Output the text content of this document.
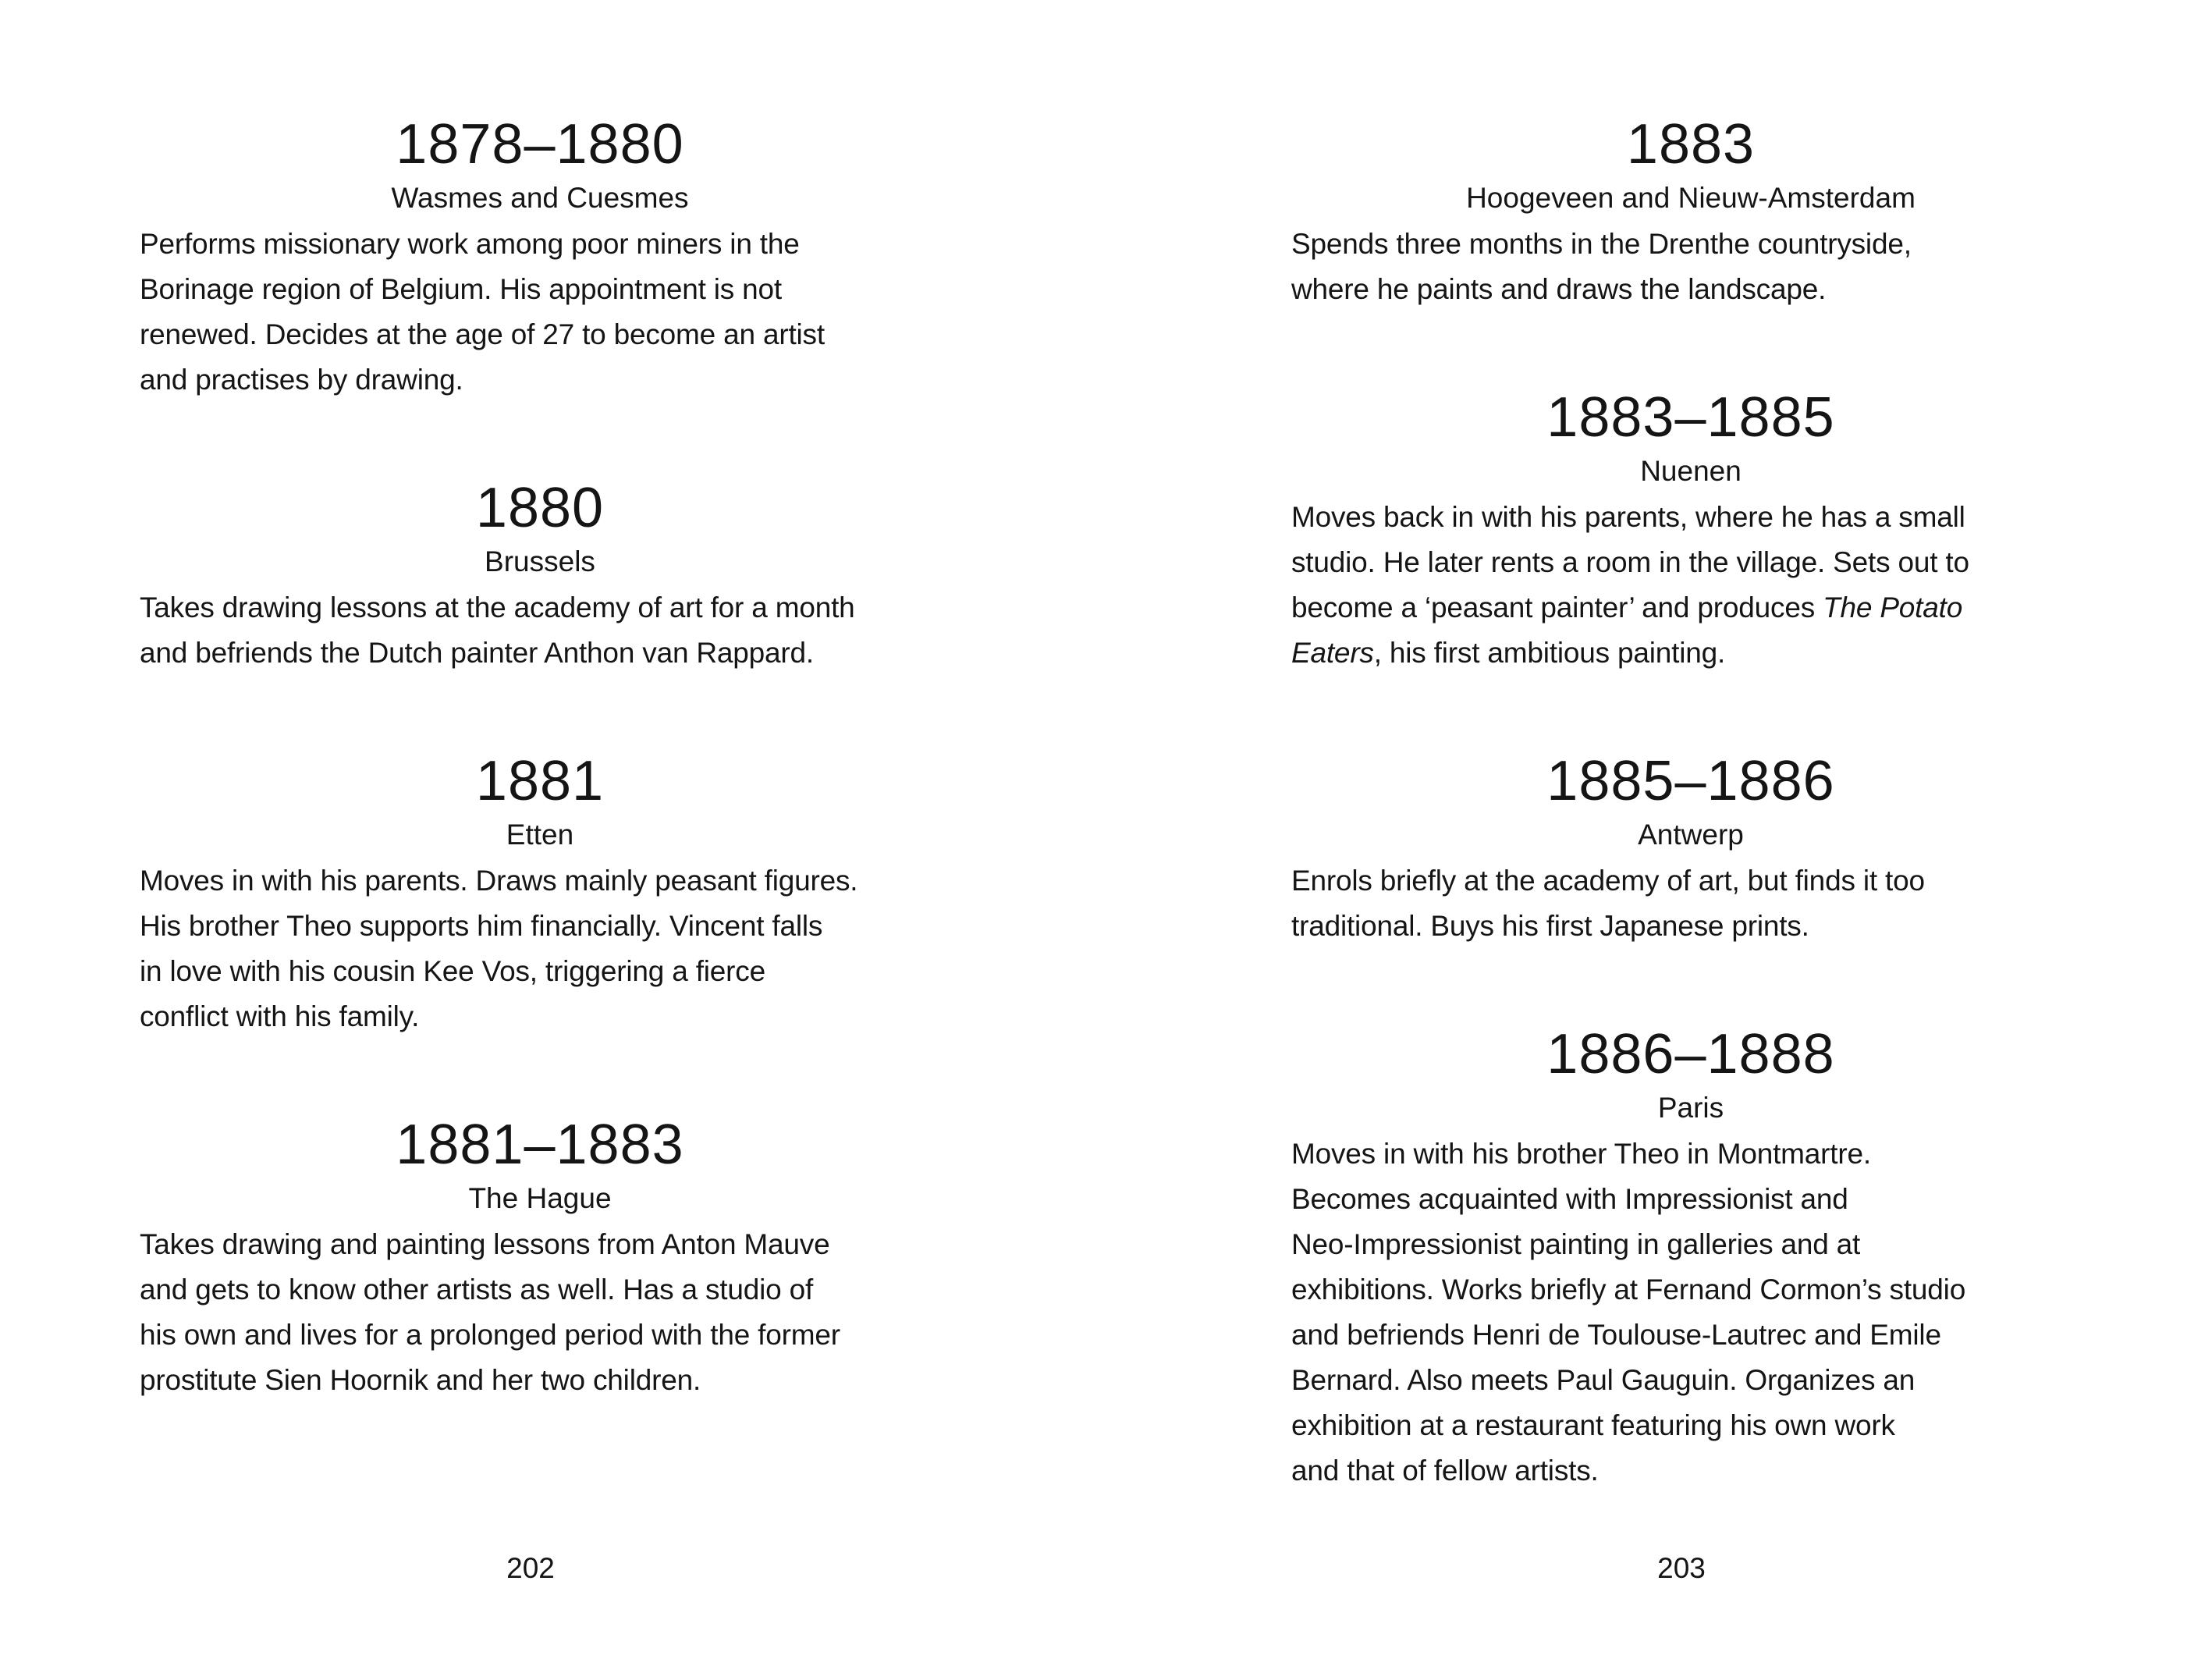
1878–1880
Wasmes and Cuesmes
Performs missionary work among poor miners in the
Borinage region of Belgium. His appointment is not
renewed. Decides at the age of 27 to become an artist
and practises by drawing.
1880
Brussels
Takes drawing lessons at the academy of art for a month
and befriends the Dutch painter Anthon van Rappard.
1881
Etten
Moves in with his parents. Draws mainly peasant figures.
His brother Theo supports him financially. Vincent falls
in love with his cousin Kee Vos, triggering a fierce
conflict with his family.
1881–1883
The Hague
Takes drawing and painting lessons from Anton Mauve
and gets to know other artists as well. Has a studio of
his own and lives for a prolonged period with the former
prostitute Sien Hoornik and her two children.
202
1883
Hoogeveen and Nieuw-Amsterdam
Spends three months in the Drenthe countryside,
where he paints and draws the landscape.
1883–1885
Nuenen
Moves back in with his parents, where he has a small
studio. He later rents a room in the village. Sets out to
become a ‘peasant painter’ and produces The Potato
Eaters, his first ambitious painting.
1885–1886
Antwerp
Enrols briefly at the academy of art, but finds it too
traditional. Buys his first Japanese prints.
1886–1888
Paris
Moves in with his brother Theo in Montmartre.
Becomes acquainted with Impressionist and
Neo-Impressionist painting in galleries and at
exhibitions. Works briefly at Fernand Cormon’s studio
and befriends Henri de Toulouse-Lautrec and Emile
Bernard. Also meets Paul Gauguin. Organizes an
exhibition at a restaurant featuring his own work
and that of fellow artists.
203
